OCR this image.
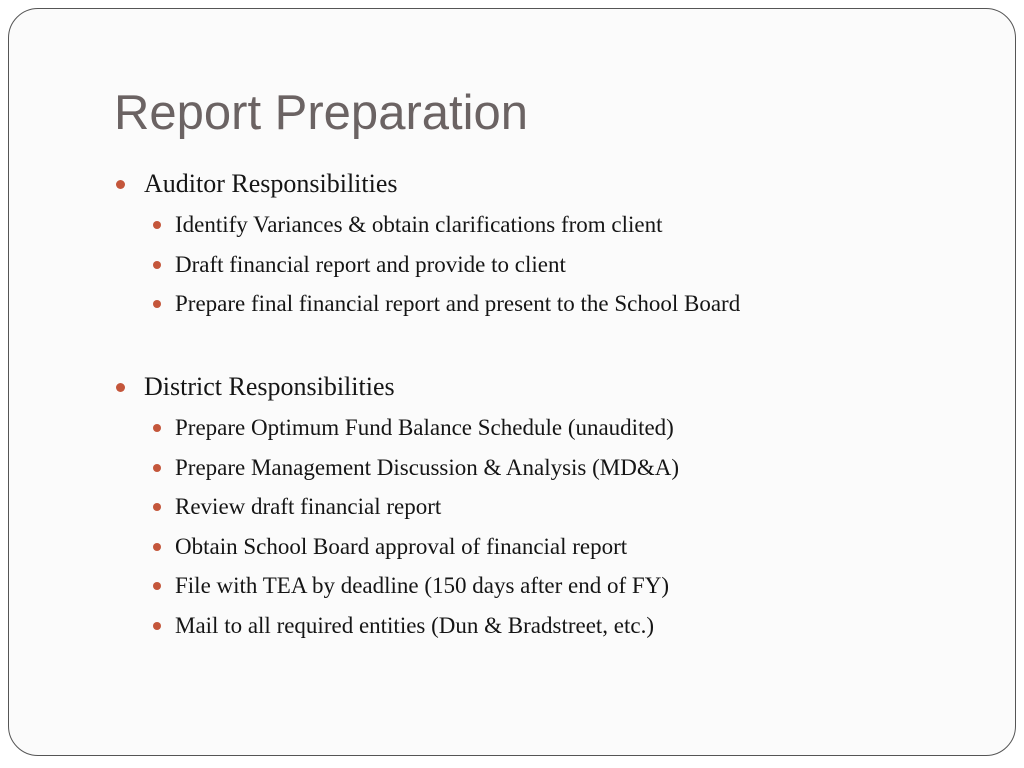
Report Preparation
Auditor Responsibilities
Identify Variances & obtain clarifications from client
Draft financial report and provide to client
Prepare final financial report and present to the School Board
District Responsibilities
Prepare Optimum Fund Balance Schedule (unaudited)
Prepare Management Discussion & Analysis (MD&A)
Review draft financial report
Obtain School Board approval of financial report
File with TEA by deadline (150 days after end of FY)
Mail to all required entities (Dun & Bradstreet, etc.)
